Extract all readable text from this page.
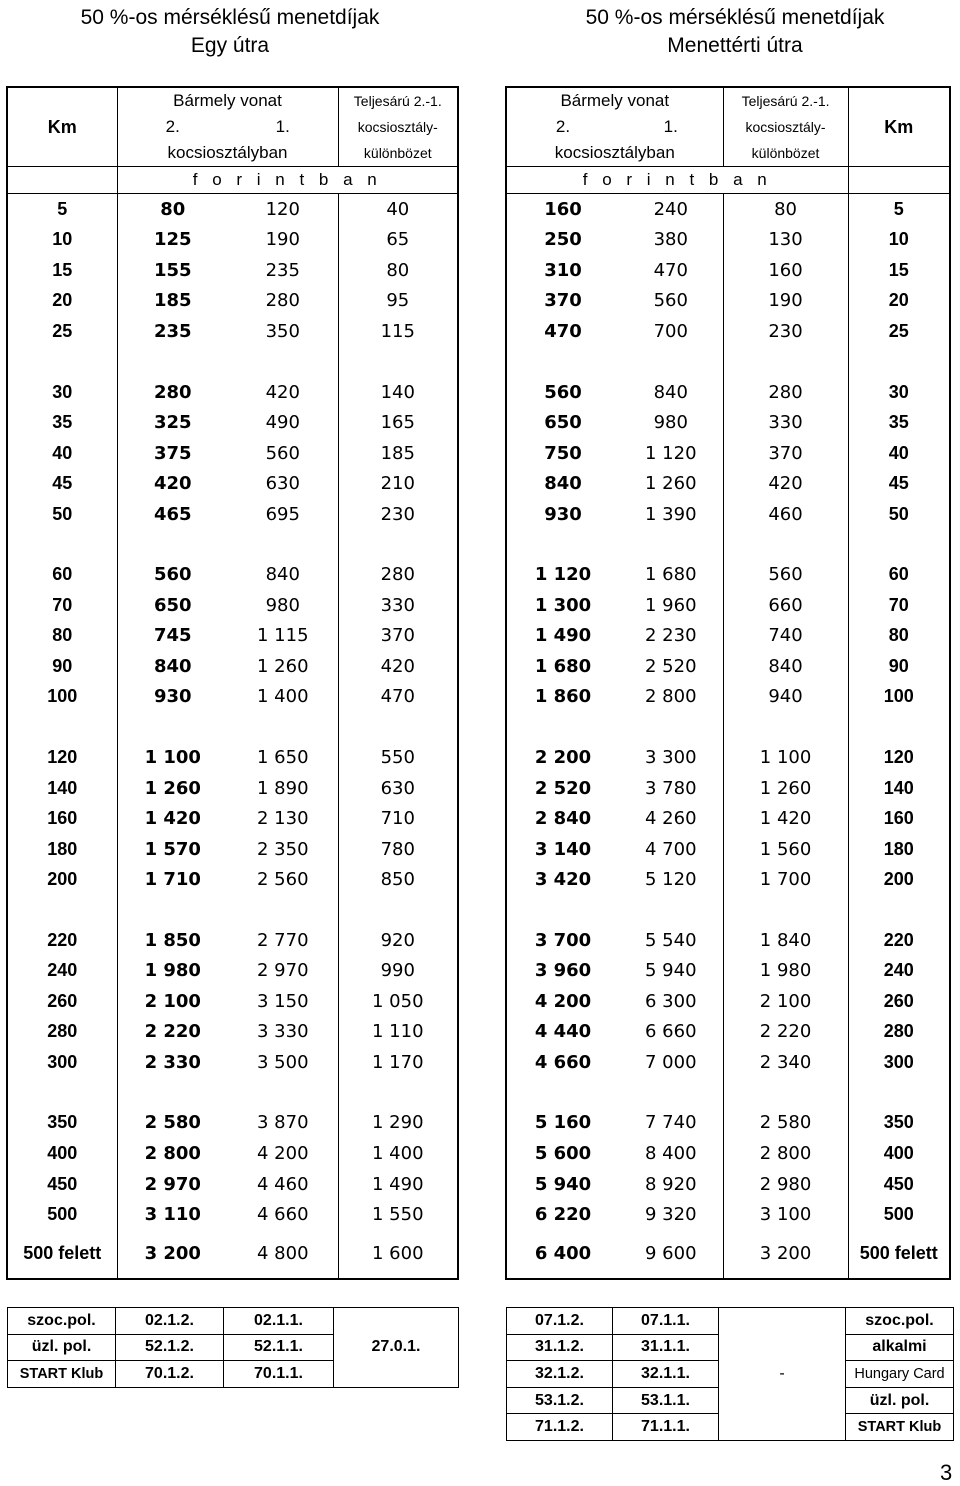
50 %-os mérséklésű menetdíjak
Egy útra
50 %-os mérséklésű menetdíjak
Menettérti útra
	Km	Bármely vonat		Teljesárú 2.-1.		Bármely vonat		Teljesárú 2.-1.	Km	
		2.	1.	kocsiosztály-		2.	1.	kocsiosztály-		
		kocsiosztályban		különbözet		kocsiosztályban		különbözet		
		f o r i n t b a n				f o r i n t b a n				
	5	80	120	40		160	240	80	5	
	10	125	190	65		250	380	130	10	
	15	155	235	80		310	470	160	15	
	20	185	280	95		370	560	190	20	
	25	235	350	115		470	700	230	25	

	30	280	420	140		560	840	280	30	
	35	325	490	165		650	980	330	35	
	40	375	560	185		750	1 120	370	40	
	45	420	630	210		840	1 260	420	45	
	50	465	695	230		930	1 390	460	50	

	60	560	840	280		1 120	1 680	560	60	
	70	650	980	330		1 300	1 960	660	70	
	80	745	1 115	370		1 490	2 230	740	80	
	90	840	1 260	420		1 680	2 520	840	90	
	100	930	1 400	470		1 860	2 800	940	100	

	120	1 100	1 650	550		2 200	3 300	1 100	120	
	140	1 260	1 890	630		2 520	3 780	1 260	140	
	160	1 420	2 130	710		2 840	4 260	1 420	160	
	180	1 570	2 350	780		3 140	4 700	1 560	180	
	200	1 710	2 560	850		3 420	5 120	1 700	200	

	220	1 850	2 770	920		3 700	5 540	1 840	220	
	240	1 980	2 970	990		3 960	5 940	1 980	240	
	260	2 100	3 150	1 050		4 200	6 300	2 100	260	
	280	2 220	3 330	1 110		4 440	6 660	2 220	280	
	300	2 330	3 500	1 170		4 660	7 000	2 340	300	

	350	2 580	3 870	1 290		5 160	7 740	2 580	350	
	400	2 800	4 200	1 400		5 600	8 400	2 800	400	
	450	2 970	4 460	1 490		5 940	8 920	2 980	450	
	500	3 110	4 660	1 550		6 220	9 320	3 100	500	
	500 felett	3 200	4 800	1 600		6 400	9 600	3 200	500 felett	
szoc.pol.	02.1.2.	02.1.1.	27.0.1.
üzl. pol.	52.1.2.	52.1.1.	
START Klub	70.1.2.	70.1.1.	
07.1.2.	07.1.1.	-	szoc.pol.
31.1.2.	31.1.1.		alkalmi
32.1.2.	32.1.1.		Hungary Card
53.1.2.	53.1.1.		üzl. pol.
71.1.2.	71.1.1.		START Klub
3
